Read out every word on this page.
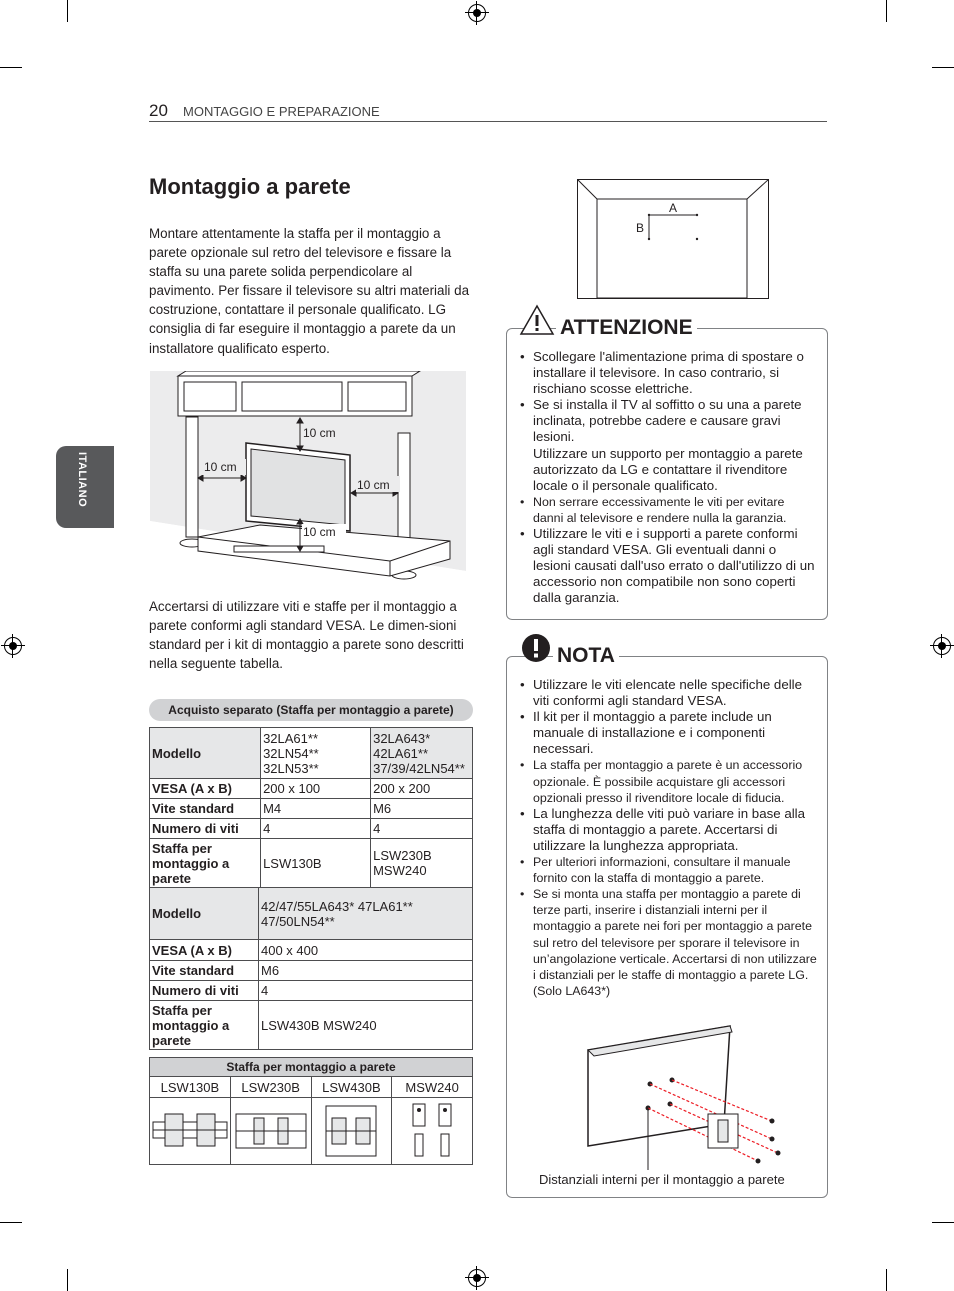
20 MONTAGGIO E PREPARAZIONE
ITALIANO
Montaggio a parete
Montare attentamente la staffa per il montaggio a parete opzionale sul retro del televisore e fissare la staffa su una parete solida perpendicolare al pavimento. Per fissare il televisore su altri materiali da costruzione, contattare il personale qualificato. LG consiglia di far eseguire il montaggio a parete da un installatore qualificato esperto.
10 cm
10 cm
10 cm
10 cm
Accertarsi di utilizzare viti e staffe per il montaggio a parete conformi agli standard VESA. Le dimen-sioni standard per i kit di montaggio a parete sono descritti nella seguente tabella.
Acquisto separato (Staffa per montaggio a parete)
Modello	32LA61** 32LN54** 32LN53**	32LA643* 42LA61** 37/39/42LN54**
VESA (A x B)	200 x 100	200 x 200
Vite standard	M4	M6
Numero di viti	4	4
Staffa per montaggio a parete	LSW130B	LSW230B MSW240
Modello	42/47/55LA643* 47LA61** 47/50LN54**
VESA (A x B)	400 x 400
Vite standard	M6
Numero di viti	4
Staffa per montaggio a parete	LSW430B MSW240
Staffa per montaggio a parete			
LSW130B	LSW230B	LSW430B	MSW240

A
B
ATTENZIONE
• Scollegare l'alimentazione prima di spostare o installare il televisore. In caso contrario, si rischiano scosse elettriche.
• Se si installa il TV al soffitto o su una a parete inclinata, potrebbe cadere e causare gravi lesioni.
Utilizzare un supporto per montaggio a parete autorizzato da LG e contattare il rivenditore locale o il personale qualificato.
• Non serrare eccessivamente le viti per evitare danni al televisore e rendere nulla la garanzia.
• Utilizzare le viti e i supporti a parete conformi agli standard VESA. Gli eventuali danni o lesioni causati dall'uso errato o dall'utilizzo di un accessorio non compatibile non sono coperti dalla garanzia.
NOTA
• Utilizzare le viti elencate nelle specifiche delle viti conformi agli standard VESA.
• Il kit per il montaggio a parete include un manuale di installazione e i componenti necessari.
• La staffa per montaggio a parete è un accessorio opzionale. È possibile acquistare gli accessori opzionali presso il rivenditore locale di fiducia.
• La lunghezza delle viti può variare in base alla staffa di montaggio a parete. Accertarsi di utilizzare la lunghezza appropriata.
• Per ulteriori informazioni, consultare il manuale fornito con la staffa di montaggio a parete.
• Se si monta una staffa per montaggio a parete di terze parti, inserire i distanziali interni per il montaggio a parete nei fori per montaggio a parete sul retro del televisore per sporare il televisore in un’angolazione verticale. Accertarsi di non utilizzare i distanziali per le staffe di montaggio a parete LG. (Solo LA643*)
Distanziali interni per il montaggio a parete
